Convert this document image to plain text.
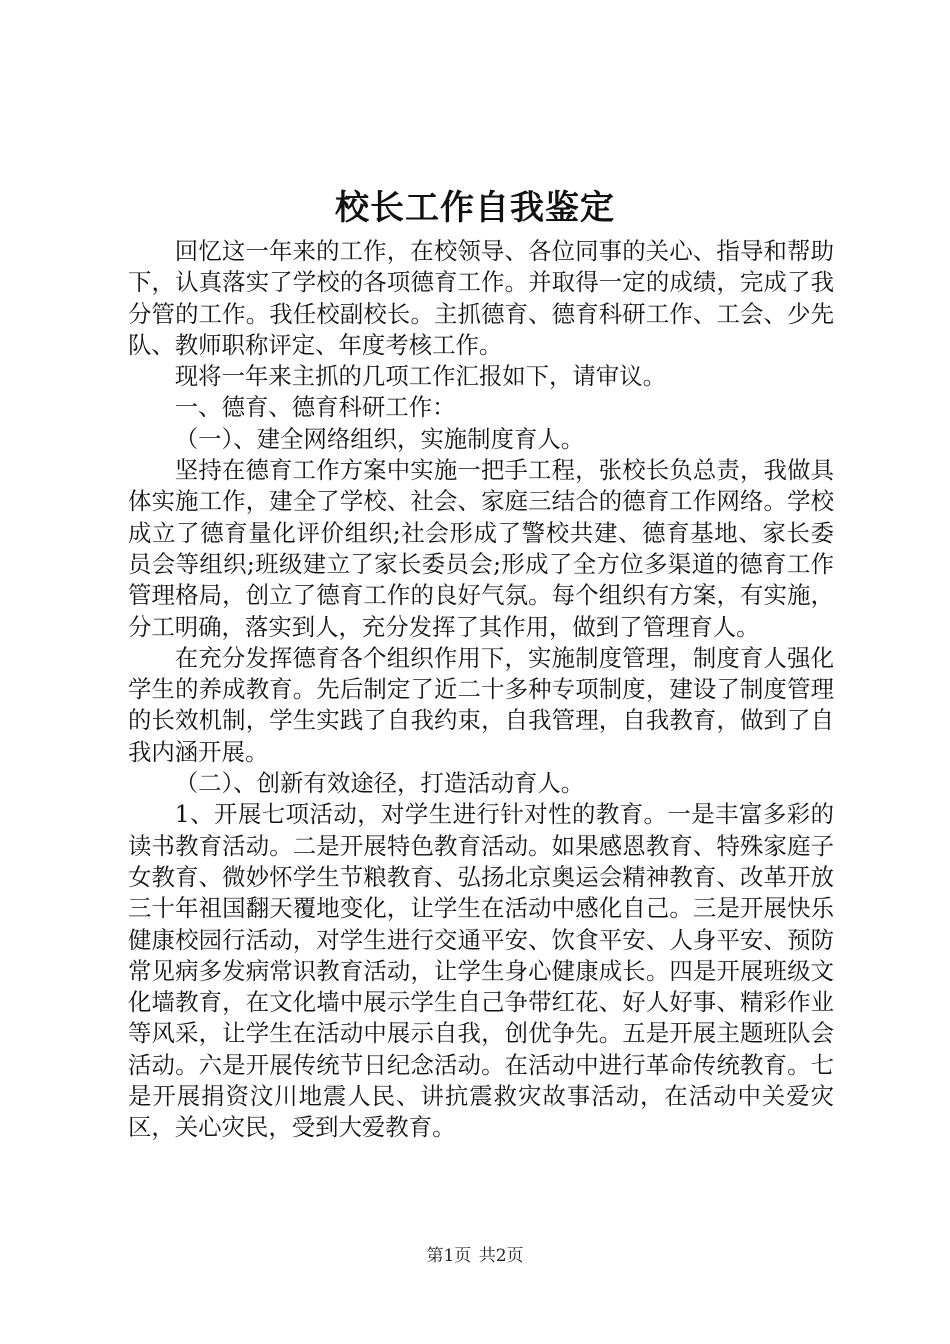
校长工作自我鉴定

回忆这一年来的工作，在校领导、各位同事的关心、指导和帮助下，认真落实了学校的各项德育工作。并取得一定的成绩，完成了我分管的工作。我任校副校长。主抓德育、德育科研工作、工会、少先队、教师职称评定、年度考核工作。

现将一年来主抓的几项工作汇报如下，请审议。

一、德育、德育科研工作：

（一）、建全网络组织，实施制度育人。

坚持在德育工作方案中实施一把手工程，张校长负总责，我做具体实施工作，建全了学校、社会、家庭三结合的德育工作网络。学校成立了德育量化评价组织;社会形成了警校共建、德育基地、家长委员会等组织;班级建立了家长委员会;形成了全方位多渠道的德育工作管理格局，创立了德育工作的良好气氛。每个组织有方案，有实施，分工明确，落实到人，充分发挥了其作用，做到了管理育人。

在充分发挥德育各个组织作用下，实施制度管理，制度育人强化学生的养成教育。先后制定了近二十多种专项制度，建设了制度管理的长效机制，学生实践了自我约束，自我管理，自我教育，做到了自我内涵开展。

（二）、创新有效途径，打造活动育人。

1、开展七项活动，对学生进行针对性的教育。一是丰富多彩的读书教育活动。二是开展特色教育活动。如果感恩教育、特殊家庭子女教育、微妙怀学生节粮教育、弘扬北京奥运会精神教育、改革开放三十年祖国翻天覆地变化，让学生在活动中感化自己。三是开展快乐健康校园行活动，对学生进行交通平安、饮食平安、人身平安、预防常见病多发病常识教育活动，让学生身心健康成长。四是开展班级文化墙教育，在文化墙中展示学生自己争带红花、好人好事、精彩作业等风采，让学生在活动中展示自我，创优争先。五是开展主题班队会活动。六是开展传统节日纪念活动。在活动中进行革命传统教育。七是开展捐资汶川地震人民、讲抗震救灾故事活动，在活动中关爱灾区，关心灾民，受到大爱教育。

第1页 共2页
